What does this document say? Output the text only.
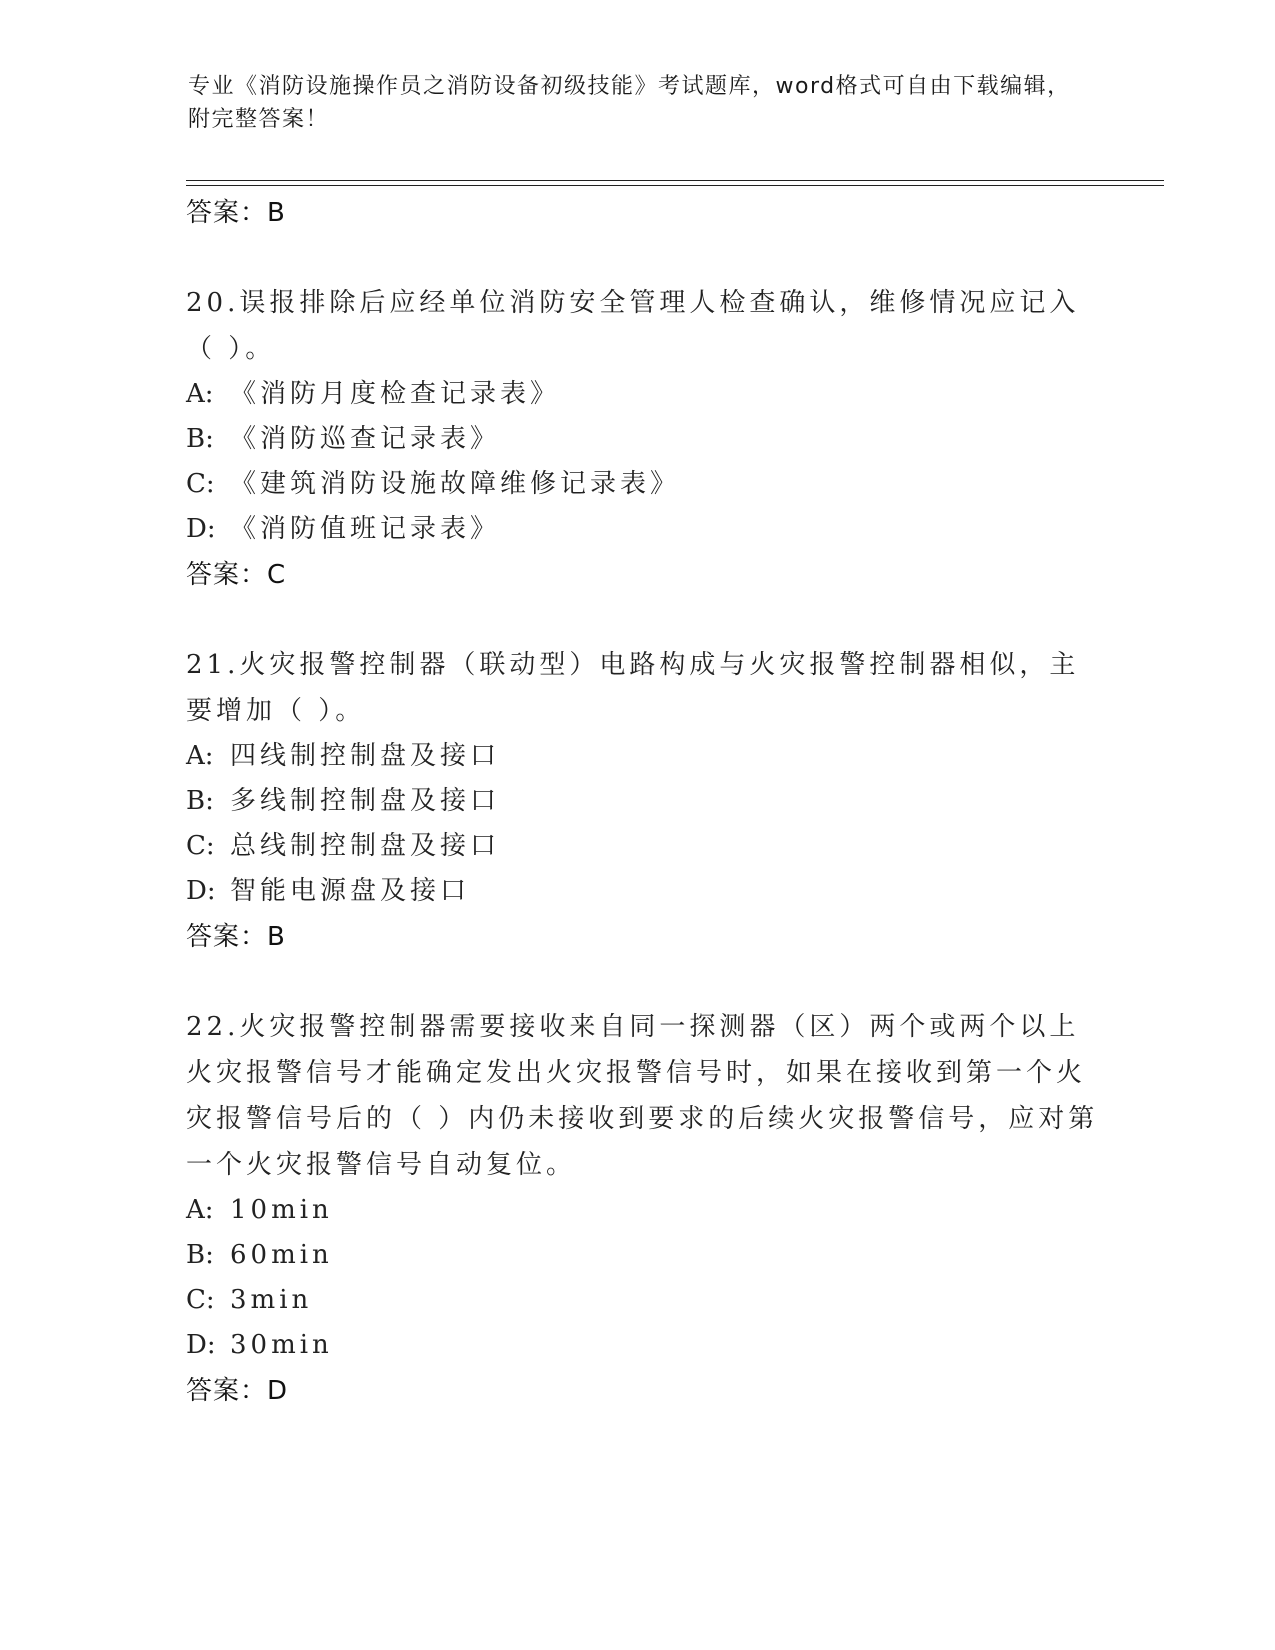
专业《消防设施操作员之消防设备初级技能》考试题库，word格式可自由下载编辑，附完整答案！

答案：B

20.误报排除后应经单位消防安全管理人检查确认，维修情况应记入（ ）。

A: 《消防月度检查记录表》

B: 《消防巡查记录表》

C: 《建筑消防设施故障维修记录表》

D: 《消防值班记录表》

答案：C

21.火灾报警控制器（联动型）电路构成与火灾报警控制器相似，主要增加（ ）。

A: 四线制控制盘及接口

B: 多线制控制盘及接口

C: 总线制控制盘及接口

D: 智能电源盘及接口

答案：B

22.火灾报警控制器需要接收来自同一探测器（区）两个或两个以上火灾报警信号才能确定发出火灾报警信号时，如果在接收到第一个火灾报警信号后的（ ）内仍未接收到要求的后续火灾报警信号，应对第一个火灾报警信号自动复位。

A: 10min

B: 60min

C: 3min

D: 30min

答案：D
